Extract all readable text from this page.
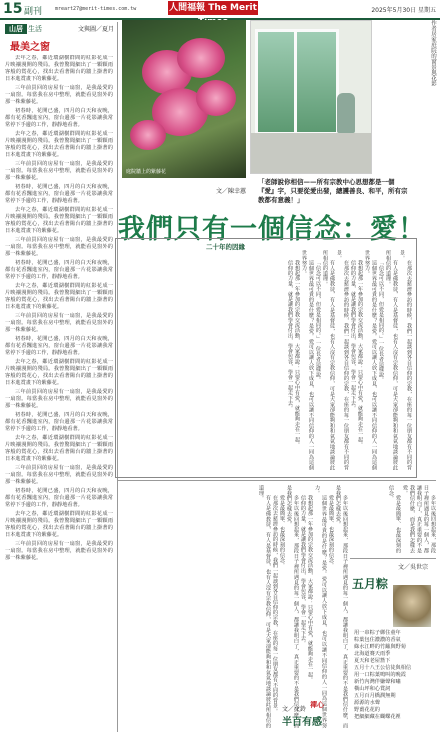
15 副刊	mreart27@merit-times.com.tw	人間福報 The Merit	2025年5月30日 星期五
山居 生活	文與圖／夏月
最美之窗

去年之春，鄰近環湖樹群間的紅影花成一片映襯漫開的殘局。我曾驚聞細出了一顆顆雨客般的賞花心，找出去看著陽台的牆上掛著的日本進賞畫下的紫藤花。

三年前買回的房屋有一扇窗，是我最愛的一扇窗。每當我在房中整理，就能看見窗外的那一株紫藤花。

初春時，花開已盛，四月的白天和夜晚，都有花香飄進室內，窗台邊那一片花影讓我常常停下手邊的工作，靜靜地看著。

去年之春，鄰近環湖樹群間的紅影花成一片映襯漫開的殘局。我曾驚聞細出了一顆顆雨客般的賞花心，找出去看著陽台的牆上掛著的日本進賞畫下的紫藤花。

三年前買回的房屋有一扇窗，是我最愛的一扇窗。每當我在房中整理，就能看見窗外的那一株紫藤花。

初春時，花開已盛，四月的白天和夜晚，都有花香飄進室內，窗台邊那一片花影讓我常常停下手邊的工作，靜靜地看著。

去年之春，鄰近環湖樹群間的紅影花成一片映襯漫開的殘局。我曾驚聞細出了一顆顆雨客般的賞花心，找出去看著陽台的牆上掛著的日本進賞畫下的紫藤花。

三年前買回的房屋有一扇窗，是我最愛的一扇窗。每當我在房中整理，就能看見窗外的那一株紫藤花。

初春時，花開已盛，四月的白天和夜晚，都有花香飄進室內，窗台邊那一片花影讓我常常停下手邊的工作，靜靜地看著。

去年之春，鄰近環湖樹群間的紅影花成一片映襯漫開的殘局。我曾驚聞細出了一顆顆雨客般的賞花心，找出去看著陽台的牆上掛著的日本進賞畫下的紫藤花。

三年前買回的房屋有一扇窗，是我最愛的一扇窗。每當我在房中整理，就能看見窗外的那一株紫藤花。

初春時，花開已盛，四月的白天和夜晚，都有花香飄進室內，窗台邊那一片花影讓我常常停下手邊的工作，靜靜地看著。

去年之春，鄰近環湖樹群間的紅影花成一片映襯漫開的殘局。我曾驚聞細出了一顆顆雨客般的賞花心，找出去看著陽台的牆上掛著的日本進賞畫下的紫藤花。

三年前買回的房屋有一扇窗，是我最愛的一扇窗。每當我在房中整理，就能看見窗外的那一株紫藤花。

初春時，花開已盛，四月的白天和夜晚，都有花香飄進室內，窗台邊那一片花影讓我常常停下手邊的工作，靜靜地看著。

去年之春，鄰近環湖樹群間的紅影花成一片映襯漫開的殘局。我曾驚聞細出了一顆顆雨客般的賞花心，找出去看著陽台的牆上掛著的日本進賞畫下的紫藤花。

三年前買回的房屋有一扇窗，是我最愛的一扇窗。每當我在房中整理，就能看見窗外的那一株紫藤花。

初春時，花開已盛，四月的白天和夜晚，都有花香飄進室內，窗台邊那一片花影讓我常常停下手邊的工作，靜靜地看著。

去年之春，鄰近環湖樹群間的紅影花成一片映襯漫開的殘局。我曾驚聞細出了一顆顆雨客般的賞花心，找出去看著陽台的牆上掛著的日本進賞畫下的紫藤花。

三年前買回的房屋有一扇窗，是我最愛的一扇窗。每當我在房中整理，就能看見窗外的那一株紫藤花。

庭院牆上的紫藤花
作者居家庭院的窗景與花影
文／陳幸蕙
「老師說你相信——所有宗教中心思想都是一個『愛』字，只要從愛出發，總護善良、和平，所有宗教都有意義！」
我們只有一個信念：愛！
二十年的因緣

在那次去慈濟參訪的時候，我們一起談到各自信仰的宗教，在座的每一位朋友都有不同的背景。

有人是佛教徒，有人是基督徒，也有人沒有宗教信仰，可是大家卻能夠和和氣氣地談論彼此所相信的道理。

「信念可以不同，但愛是相同的。」一位長者這樣說。

這個世界最可貴的是什麼？是愛。愛可以讓人放下成見，也可以讓不同信仰的人一同為這個世界努力。

我想起那一年參加的宗教交流活動，大家都說：只要心中有愛，就能夠走在一起。

信仰的力量，就是讓我們學會付出，學會包容，學會一起走下去。

在那次去慈濟參訪的時候，我們一起談到各自信仰的宗教，在座的每一位朋友都有不同的背景。

有人是佛教徒，有人是基督徒，也有人沒有宗教信仰，可是大家卻能夠和和氣氣地談論彼此所相信的道理。

「信念可以不同，但愛是相同的。」一位長者這樣說。

這個世界最可貴的是什麼？是愛。愛可以讓人放下成見，也可以讓不同信仰的人一同為這個世界努力。

我想起那一年參加的宗教交流活動，大家都說：只要心中有愛，就能夠走在一起。

信仰的力量，就是讓我們學會付出，學會包容，學會一起走下去。

多年以後回想起來，那段日子裡所遇見的每一個人，都讓我明白了，真正重要的不是我們信什麼，而是我們怎樣去愛。

愛是最簡單、也最深刻的信念。

這個世界最可貴的是什麼？是愛。愛可以讓人放下成見，也可以讓不同信仰的人一同為這個世界努力。

我想起那一年參加的宗教交流活動，大家都說：只要心中有愛，就能夠走在一起。

信仰的力量，就是讓我們學會付出，學會包容，學會一起走下去。

多年以後回想起來，那段日子裡所遇見的每一個人，都讓我明白了，真正重要的不是我們信什麼，而是我們怎樣去愛。

愛是最簡單、也最深刻的信念。

在那次去慈濟參訪的時候，我們一起談到各自信仰的宗教，在座的每一位朋友都有不同的背景。

有人是佛教徒，有人是基督徒，也有人沒有宗教信仰，可是大家卻能夠和和氣氣地談論彼此所相信的道理。

多年以後回想起來，那段日子裡所遇見的每一個人，都讓我明白了，真正重要的不是我們信什麼，而是我們怎樣去愛。

愛是最簡單、也最深刻的信念。

文／吳世宗
五月粽
用一串粽子綁住童年
粽葉包住濃濃的香氣
綠水江畔的竹籬與野菊
北海道賽天雨季
夏天和老屋簷下
五月十八王公信徒與相信
用一口粽葉鳴叫的晚霞
新竹內灣伴嫌聲和嘯
橫山坪和心賞詞
五月百月橋潤無期
源源的水聲
野薑花花的
把細細藏在蝴蝶花裡
禪心
文／文鈴
半百有感
